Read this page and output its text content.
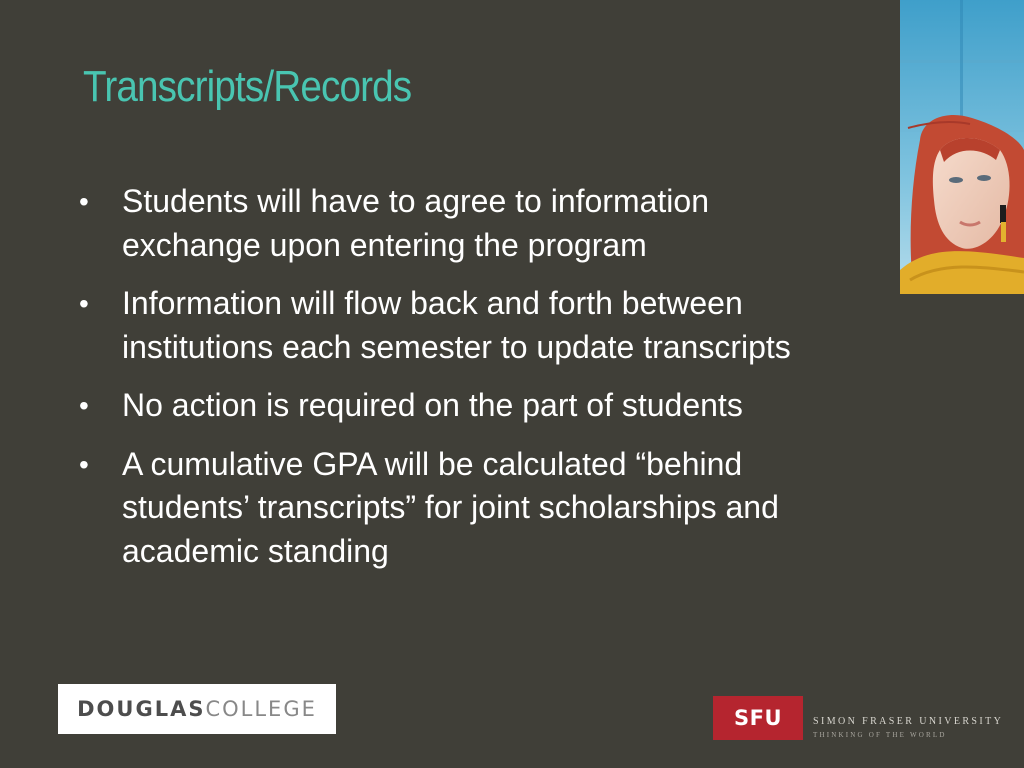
Transcripts/Records
• Students will have to agree to information exchange upon entering the program
• Information will flow back and forth between institutions each semester to update transcripts
• No action is required on the part of students
• A cumulative GPA will be calculated “behind students’ transcripts” for joint scholarships and academic standing
DOUGLASCOLLEGE	SFU	SIMON FRASER UNIVERSITY
THINKING OF THE WORLD
